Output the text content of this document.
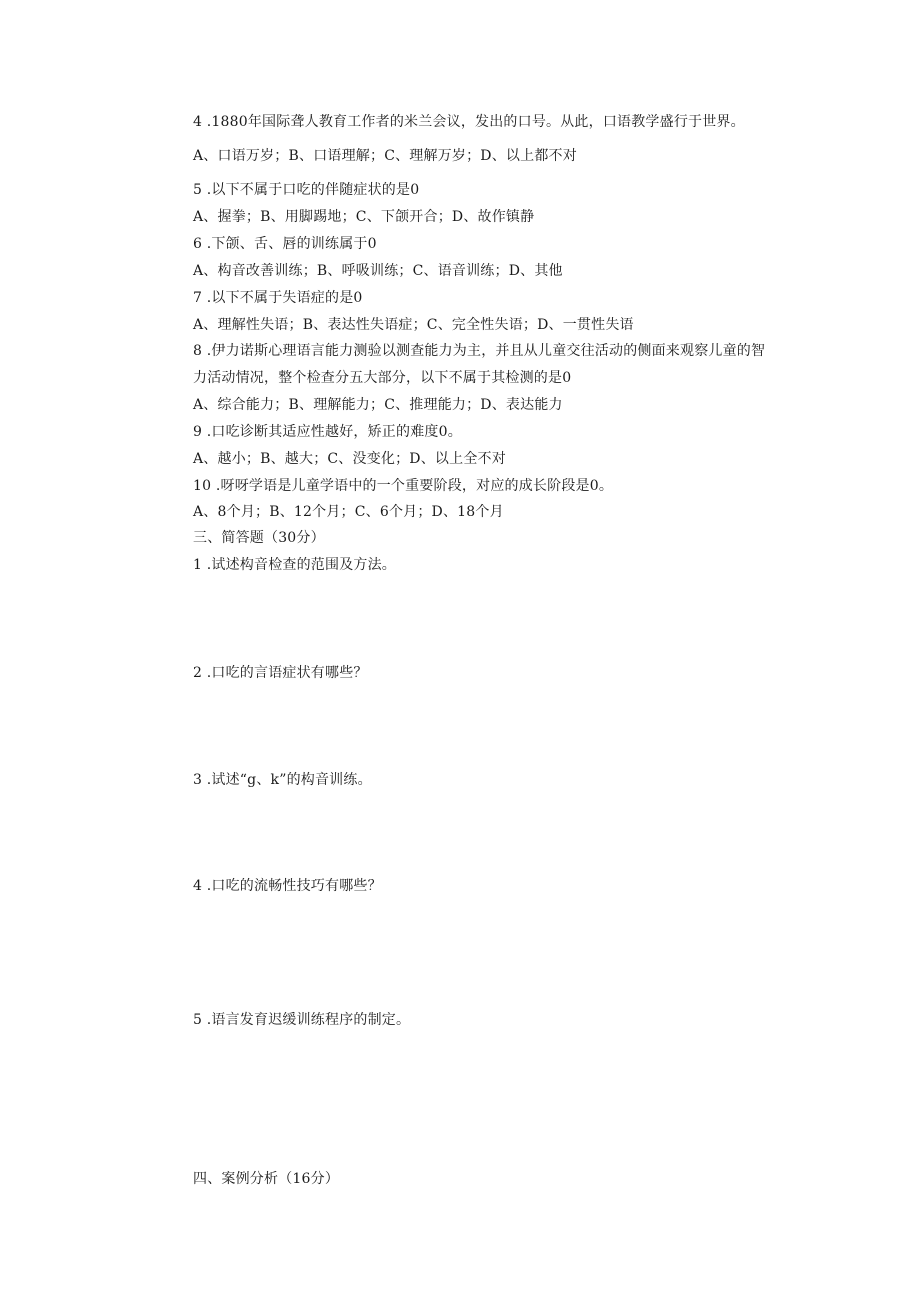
4 .1880年国际聋人教育工作者的米兰会议，发出的口号。从此，口语教学盛行于世界。
A、口语万岁；B、口语理解；C、理解万岁；D、以上都不对
5 .以下不属于口吃的伴随症状的是0
A、握拳；B、用脚踢地；C、下颌开合；D、故作镇静
6 .下颌、舌、唇的训练属于0
A、构音改善训练；B、呼吸训练；C、语音训练；D、其他
7 .以下不属于失语症的是0
A、理解性失语；B、表达性失语症；C、完全性失语；D、一贯性失语
8 .伊力诺斯心理语言能力测验以测查能力为主，并且从儿童交往活动的侧面来观察儿童的智
力活动情况，整个检查分五大部分，以下不属于其检测的是0
A、综合能力；B、理解能力；C、推理能力；D、表达能力
9 .口吃诊断其适应性越好，矫正的难度0。
A、越小；B、越大；C、没变化；D、以上全不对
10 .呀呀学语是儿童学语中的一个重要阶段，对应的成长阶段是0。
A、8个月；B、12个月；C、6个月；D、18个月
三、简答题（30分）
1 .试述构音检查的范围及方法。
2 .口吃的言语症状有哪些？
3 .试述“g、k”的构音训练。
4 .口吃的流畅性技巧有哪些？
5 .语言发育迟缓训练程序的制定。
四、案例分析（16分）
